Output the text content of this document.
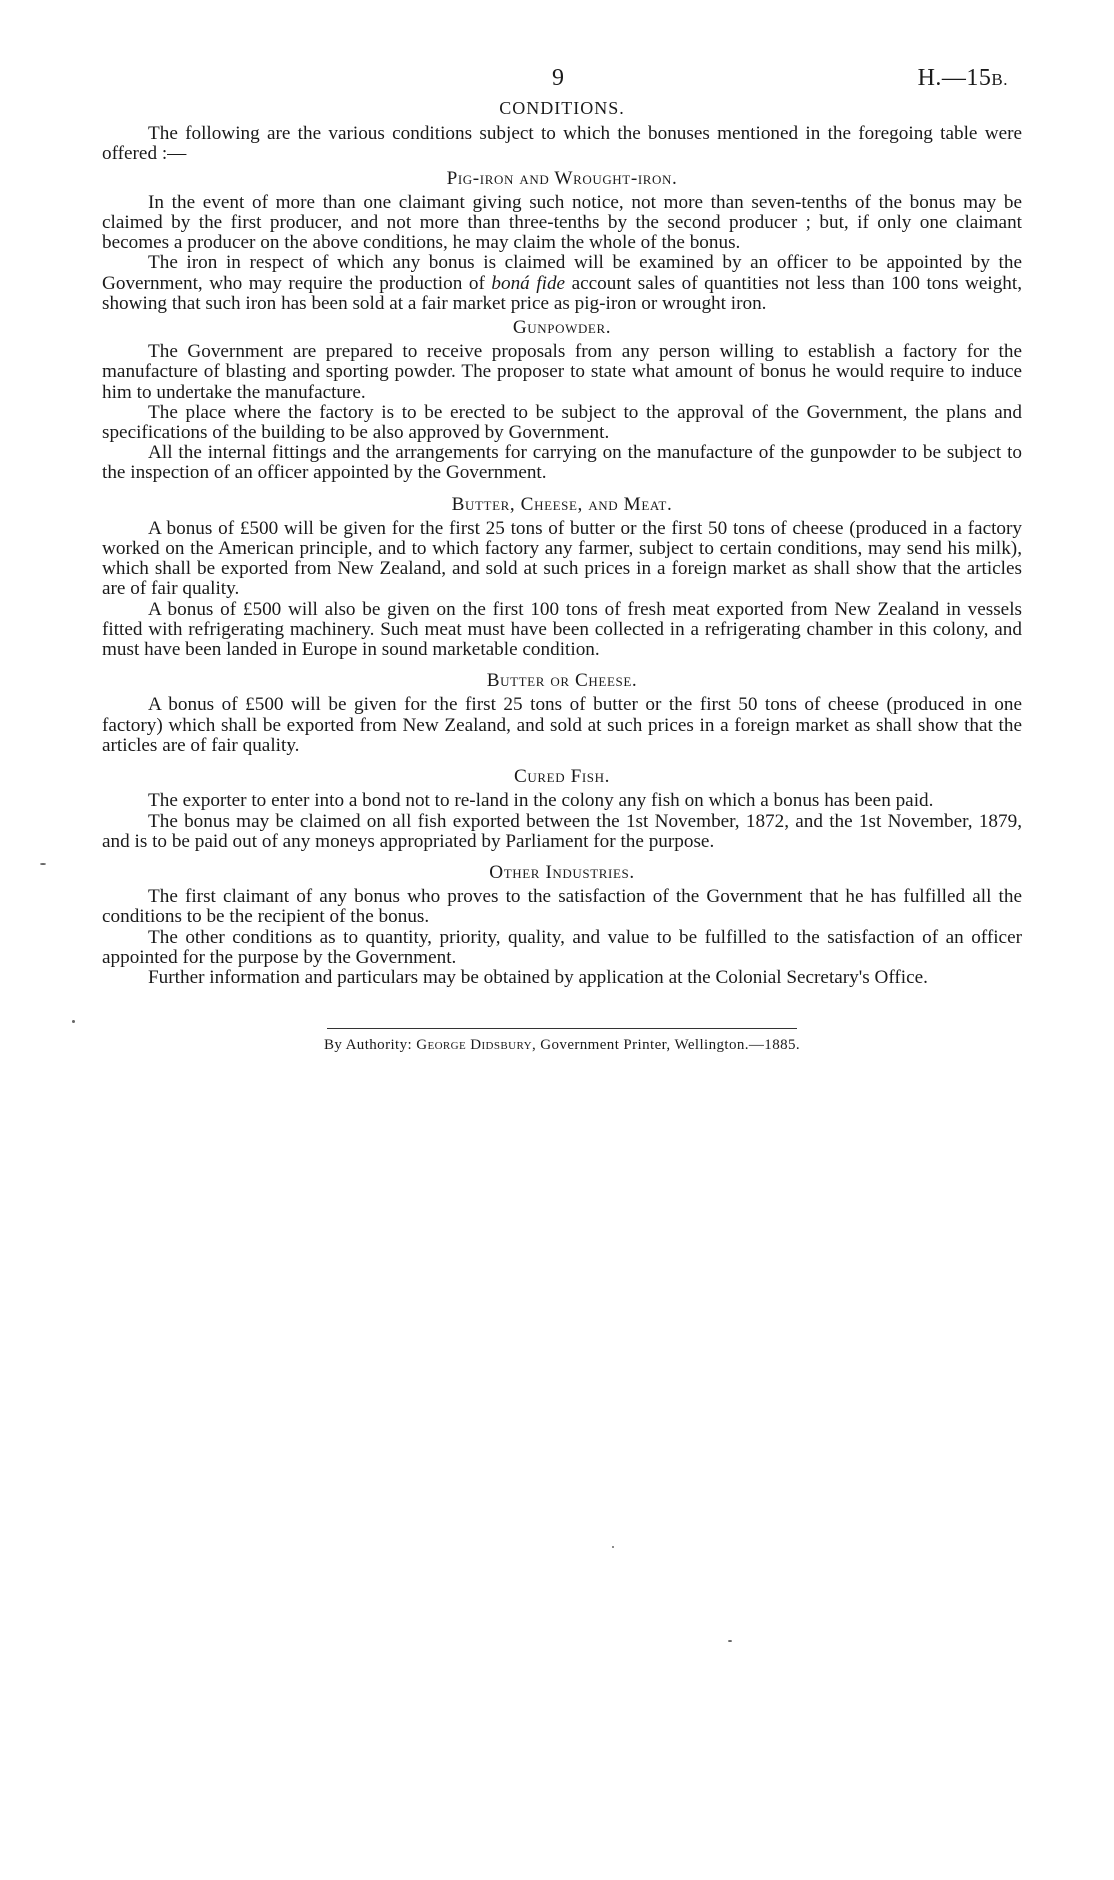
9	H.—15B.
CONDITIONS.

The following are the various conditions subject to which the bonuses mentioned in the foregoing table were offered :—

Pig-iron and Wrought-iron.

In the event of more than one claimant giving such notice, not more than seven-tenths of the bonus may be claimed by the first producer, and not more than three-tenths by the second producer ; but, if only one claimant becomes a producer on the above conditions, he may claim the whole of the bonus.

The iron in respect of which any bonus is claimed will be examined by an officer to be appointed by the Government, who may require the production of boná fide account sales of quantities not less than 100 tons weight, showing that such iron has been sold at a fair market price as pig-iron or wrought iron.

Gunpowder.

The Government are prepared to receive proposals from any person willing to establish a factory for the manufacture of blasting and sporting powder. The proposer to state what amount of bonus he would require to induce him to undertake the manufacture.

The place where the factory is to be erected to be subject to the approval of the Government, the plans and specifications of the building to be also approved by Government.

All the internal fittings and the arrangements for carrying on the manufacture of the gunpowder to be subject to the inspection of an officer appointed by the Government.

Butter, Cheese, and Meat.

A bonus of £500 will be given for the first 25 tons of butter or the first 50 tons of cheese (produced in a factory worked on the American principle, and to which factory any farmer, subject to certain conditions, may send his milk), which shall be exported from New Zealand, and sold at such prices in a foreign market as shall show that the articles are of fair quality.

A bonus of £500 will also be given on the first 100 tons of fresh meat exported from New Zealand in vessels fitted with refrigerating machinery. Such meat must have been collected in a refrigerating chamber in this colony, and must have been landed in Europe in sound marketable condition.

Butter or Cheese.

A bonus of £500 will be given for the first 25 tons of butter or the first 50 tons of cheese (produced in one factory) which shall be exported from New Zealand, and sold at such prices in a foreign market as shall show that the articles are of fair quality.

Cured Fish.

The exporter to enter into a bond not to re-land in the colony any fish on which a bonus has been paid.

The bonus may be claimed on all fish exported between the 1st November, 1872, and the 1st November, 1879, and is to be paid out of any moneys appropriated by Parliament for the purpose.

Other Industries.

The first claimant of any bonus who proves to the satisfaction of the Government that he has fulfilled all the conditions to be the recipient of the bonus.

The other conditions as to quantity, priority, quality, and value to be fulfilled to the satisfaction of an officer appointed for the purpose by the Government.

Further information and particulars may be obtained by application at the Colonial Secretary's Office.

By Authority: George Didsbury, Government Printer, Wellington.—1885.
